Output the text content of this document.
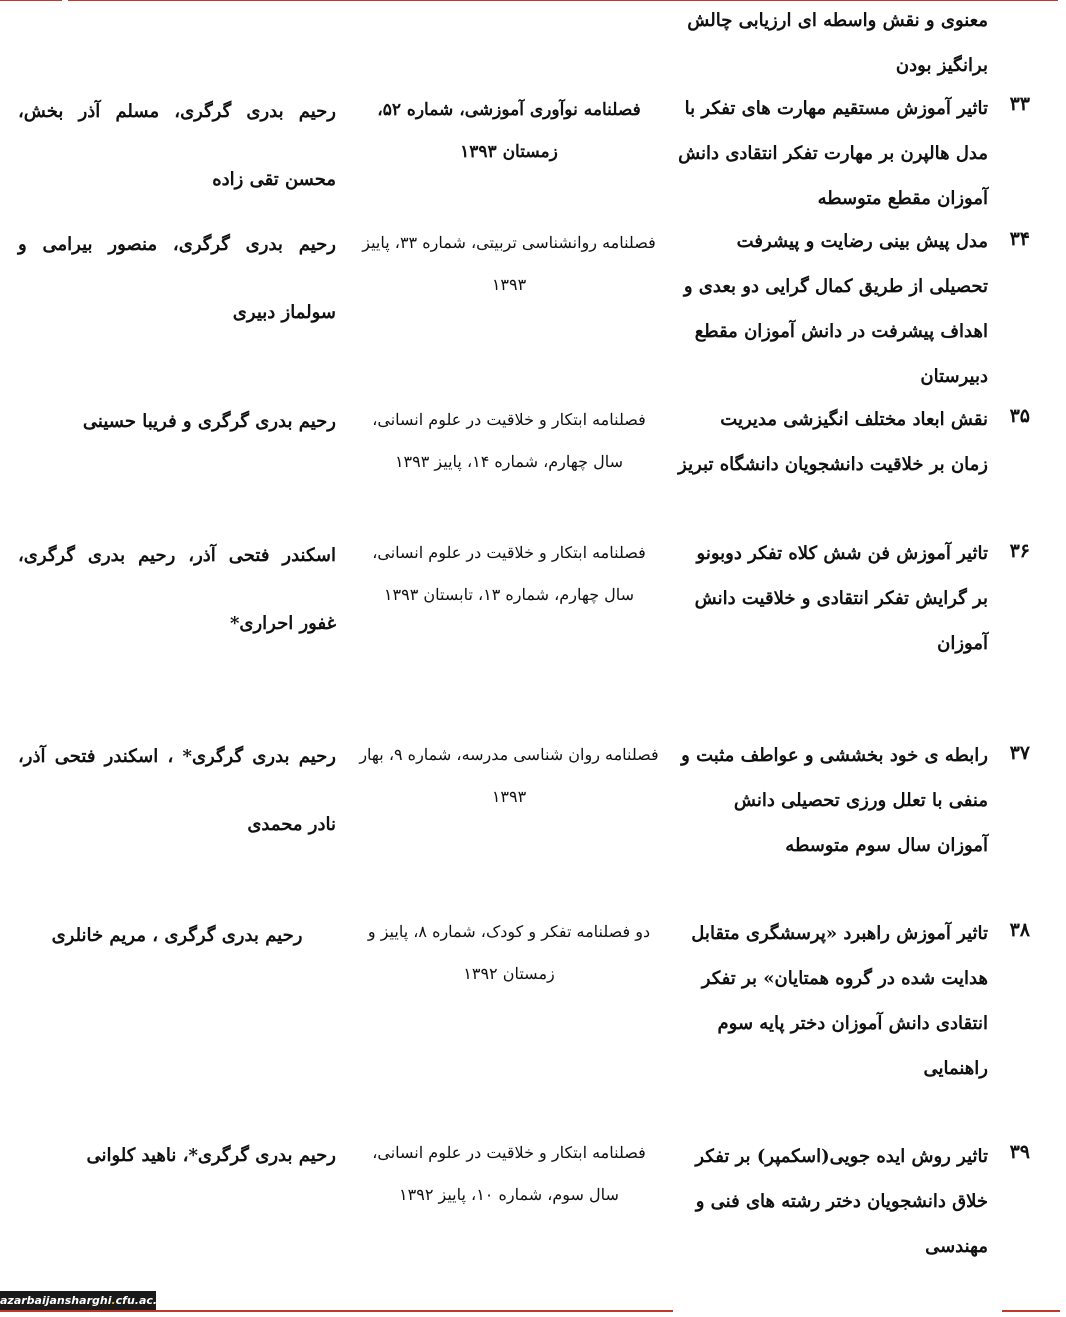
معنوی و نقش واسطه ای ارزیابی چالش برانگیز بودن
۳۳
تاثیر آموزش مستقیم مهارت های تفکر با مدل هالپرن بر مهارت تفکر انتقادی دانش آموزان مقطع متوسطه
فصلنامه نوآوری آموزشی، شماره ۵۲، زمستان ۱۳۹۳
رحیم بدری گرگری، مسلم آذر بخش، محسن تقی زاده
۳۴
مدل پیش بینی رضایت و پیشرفت تحصیلی از طریق کمال گرایی دو بعدی و اهداف پیشرفت در دانش آموزان مقطع دبیرستان
فصلنامه روانشناسی تربیتی، شماره ۳۳، پاییز ۱۳۹۳
رحیم بدری گرگری، منصور بیرامی و سولماز دبیری
۳۵
نقش ابعاد مختلف انگیزشی مدیریت زمان بر خلاقیت دانشجویان دانشگاه تبریز
فصلنامه ابتکار و خلاقیت در علوم انسانی، سال چهارم، شماره ۱۴، پاییز ۱۳۹۳
رحیم بدری گرگری و فریبا حسینی
۳۶
تاثیر آموزش فن شش کلاه تفکر دوبونو بر گرایش تفکر انتقادی و خلاقیت دانش آموزان
فصلنامه ابتکار و خلاقیت در علوم انسانی، سال چهارم، شماره ۱۳، تابستان ۱۳۹۳
اسکندر فتحی آذر، رحیم بدری گرگری، غفور احراری*
۳۷
رابطه ی خود بخششی و عواطف مثبت و منفی با تعلل ورزی تحصیلی دانش آموزان سال سوم متوسطه
فصلنامه روان شناسی مدرسه، شماره ۹، بهار ۱۳۹۳
رحیم بدری گرگری* ، اسکندر فتحی آذر، نادر محمدی
۳۸
تاثیر آموزش راهبرد «پرسشگری متقابل هدایت شده در گروه همتایان» بر تفکر انتقادی دانش آموزان دختر پایه سوم راهنمایی
دو فصلنامه تفکر و کودک، شماره ۸، پاییز و زمستان ۱۳۹۲
رحیم بدری گرگری ، مریم خانلری
۳۹
تاثیر روش ایده جویی(اسکمپر) بر تفکر خلاق دانشجویان دختر رشته های فنی و مهندسی
فصلنامه ابتکار و خلاقیت در علوم انسانی، سال سوم، شماره ۱۰، پاییز ۱۳۹۲
رحیم بدری گرگری*، ناهید کلوانی
azarbaijansharghi.cfu.ac.ir
